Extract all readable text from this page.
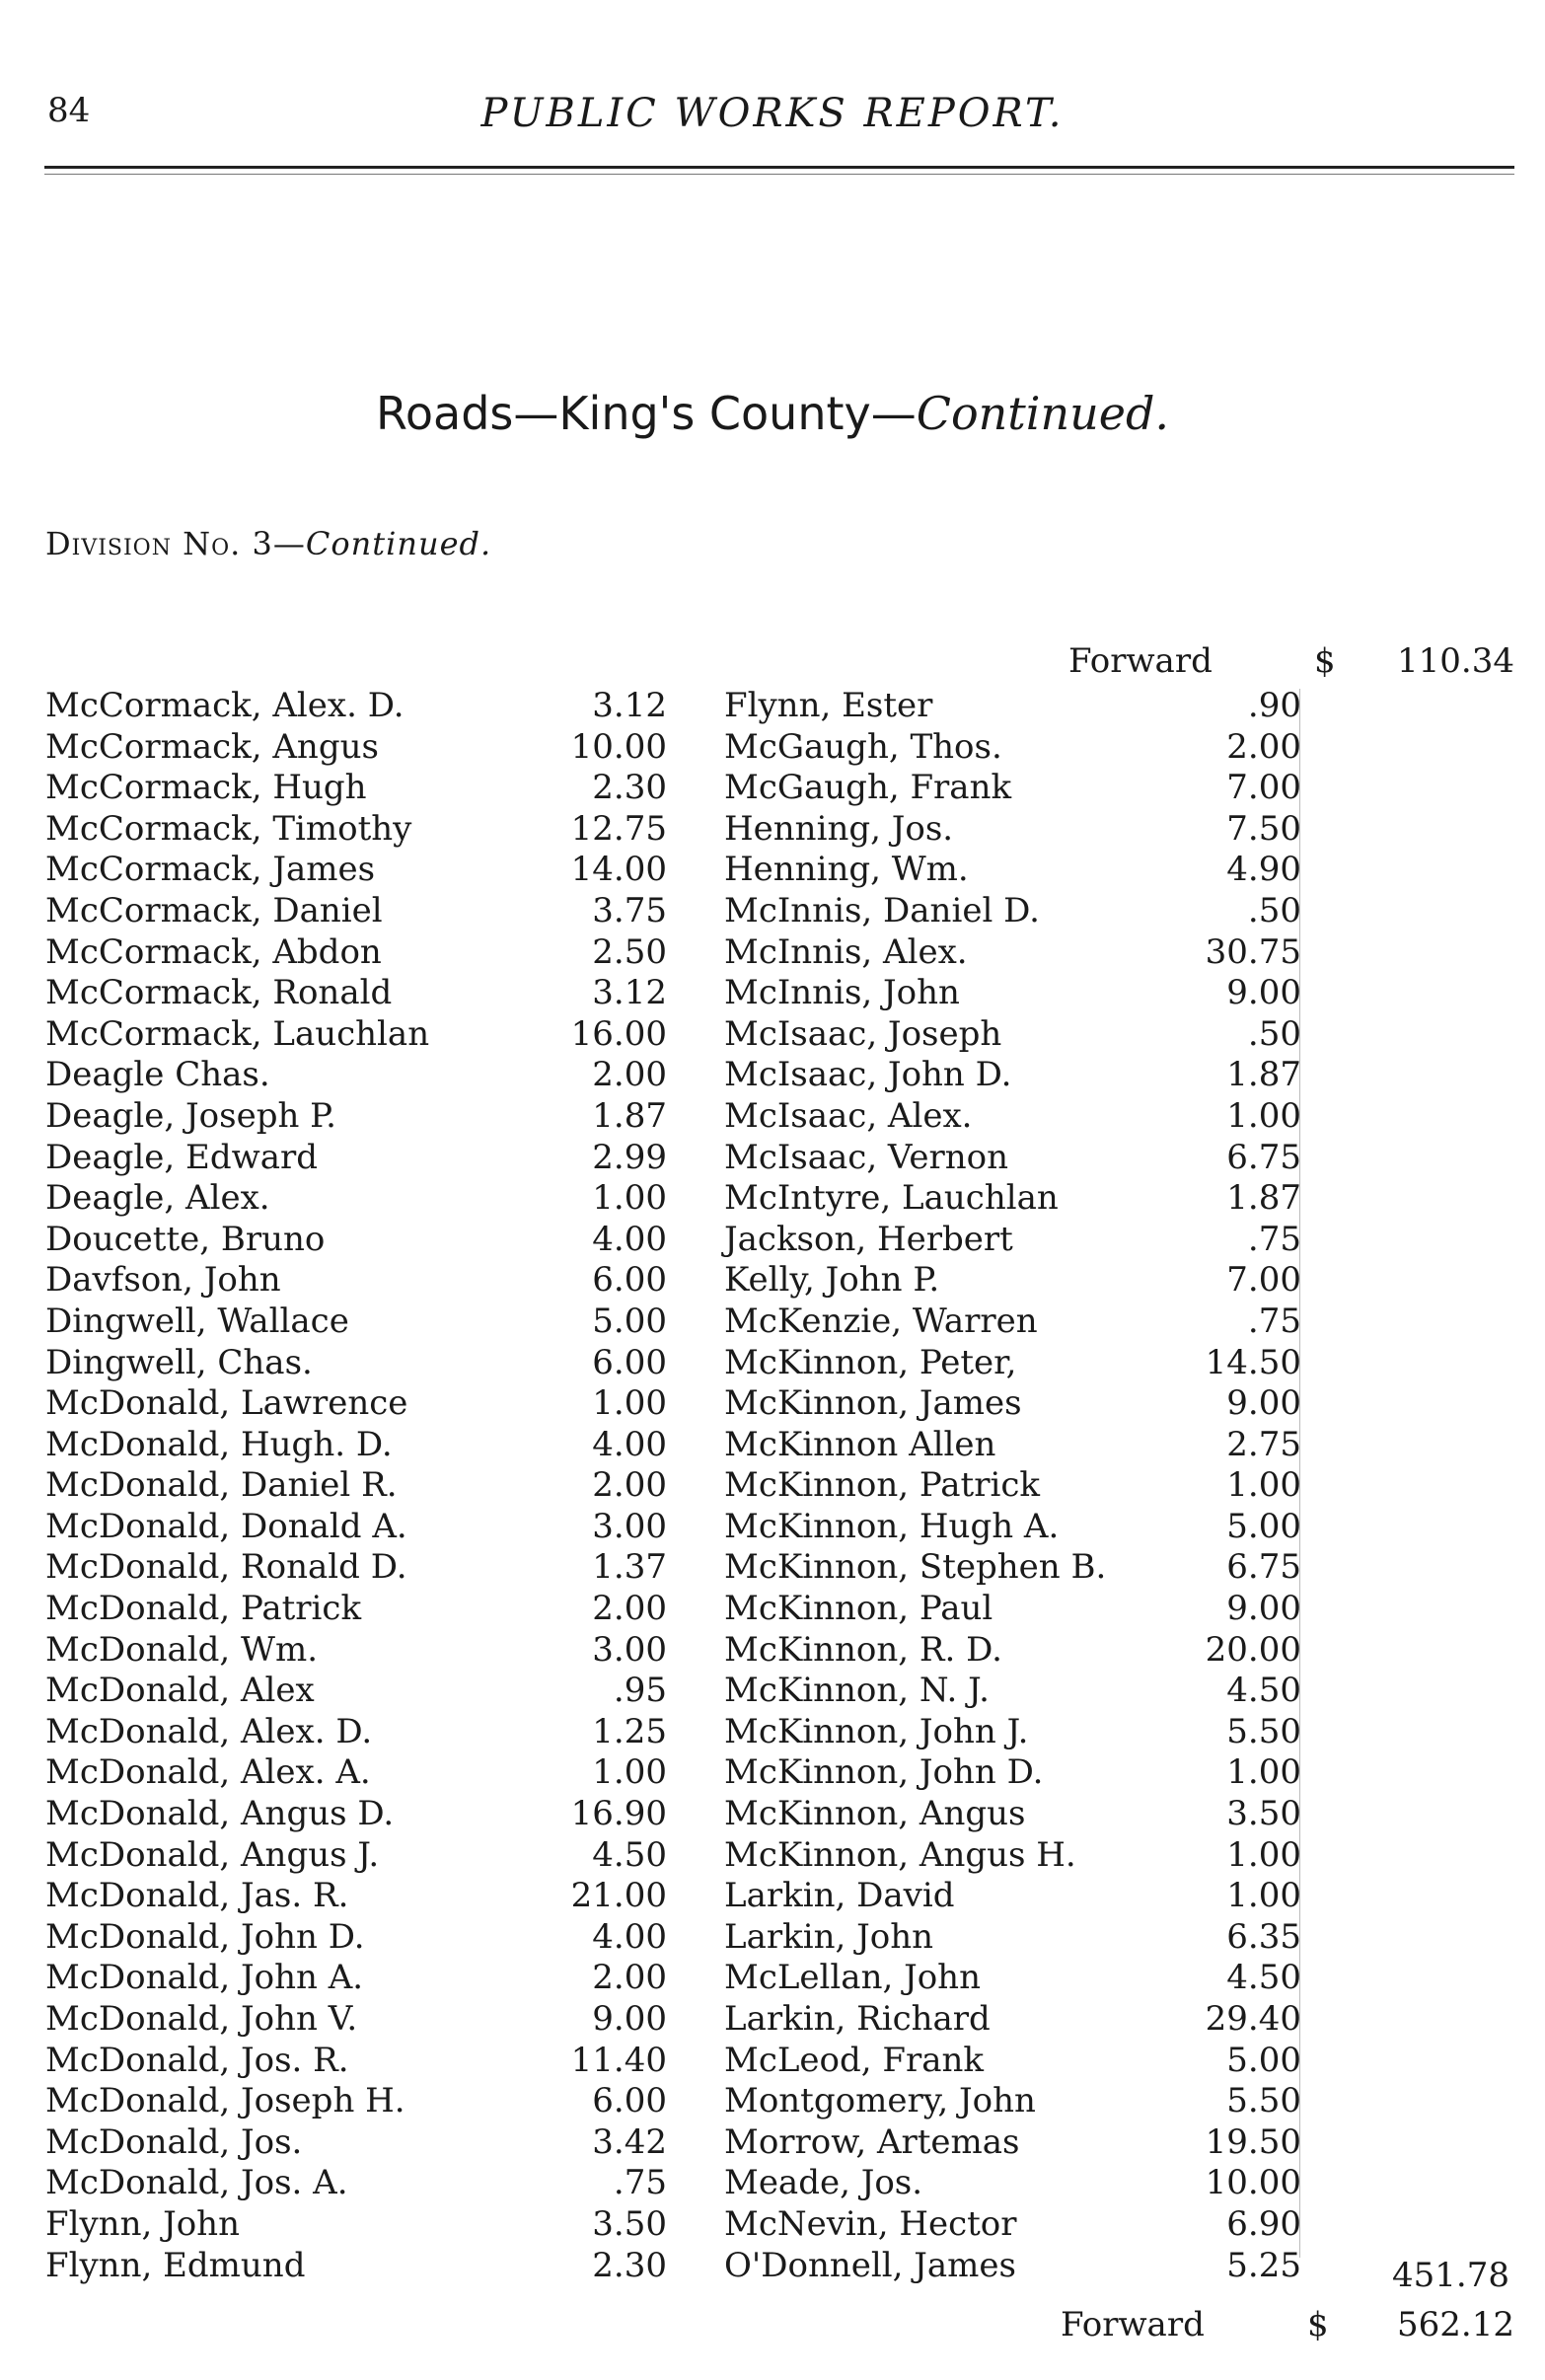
84	PUBLIC WORKS REPORT.
Roads—King's County—Continued.
Division No. 3—Continued.
Forward	$	110.34
McCormack, Alex. D.	3.12
McCormack, Angus	10.00
McCormack, Hugh	2.30
McCormack, Timothy	12.75
McCormack, James	14.00
McCormack, Daniel	3.75
McCormack, Abdon	2.50
McCormack, Ronald	3.12
McCormack, Lauchlan	16.00
Deagle Chas.	2.00
Deagle, Joseph P.	1.87
Deagle, Edward	2.99
Deagle, Alex.	1.00
Doucette, Bruno	4.00
Davfson, John	6.00
Dingwell, Wallace	5.00
Dingwell, Chas.	6.00
McDonald, Lawrence	1.00
McDonald, Hugh. D.	4.00
McDonald, Daniel R.	2.00
McDonald, Donald A.	3.00
McDonald, Ronald D.	1.37
McDonald, Patrick	2.00
McDonald, Wm.	3.00
McDonald, Alex	.95
McDonald, Alex. D.	1.25
McDonald, Alex. A.	1.00
McDonald, Angus D.	16.90
McDonald, Angus J.	4.50
McDonald, Jas. R.	21.00
McDonald, John D.	4.00
McDonald, John A.	2.00
McDonald, John V.	9.00
McDonald, Jos. R.	11.40
McDonald, Joseph H.	6.00
McDonald, Jos.	3.42
McDonald, Jos. A.	.75
Flynn, John	3.50
Flynn, Edmund	2.30
Flynn, Ester	.90
McGaugh, Thos.	2.00
McGaugh, Frank	7.00
Henning, Jos.	7.50
Henning, Wm.	4.90
McInnis, Daniel D.	.50
McInnis, Alex.	30.75
McInnis, John	9.00
McIsaac, Joseph	.50
McIsaac, John D.	1.87
McIsaac, Alex.	1.00
McIsaac, Vernon	6.75
McIntyre, Lauchlan	1.87
Jackson, Herbert	.75
Kelly, John P.	7.00
McKenzie, Warren	.75
McKinnon, Peter,	14.50
McKinnon, James	9.00
McKinnon Allen	2.75
McKinnon, Patrick	1.00
McKinnon, Hugh A.	5.00
McKinnon, Stephen B.	6.75
McKinnon, Paul	9.00
McKinnon, R. D.	20.00
McKinnon, N. J.	4.50
McKinnon, John J.	5.50
McKinnon, John D.	1.00
McKinnon, Angus	3.50
McKinnon, Angus H.	1.00
Larkin, David	1.00
Larkin, John	6.35
McLellan, John	4.50
Larkin, Richard	29.40
McLeod, Frank	5.00
Montgomery, John	5.50
Morrow, Artemas	19.50
Meade, Jos.	10.00
McNevin, Hector	6.90
O'Donnell, James	5.25	451.78
Forward	$	562.12
